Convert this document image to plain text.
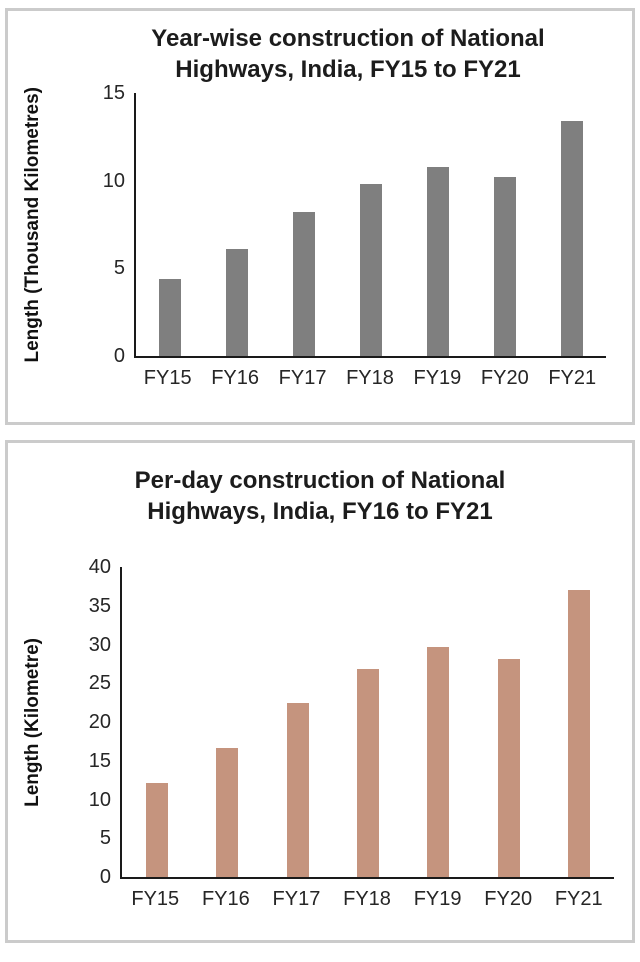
Year-wise construction of National Highways, India, FY15 to FY21
Length (Thousand Kilometres)	0
5
10
15
FY15 FY16 FY17 FY18 FY19 FY20 FY21
Per-day construction of National Highways, India, FY16 to FY21
Length (Kilometre)
0
5
10
15
20
25
30
35
40
FY15	FY16	FY17	FY18	FY19	FY20	FY21
